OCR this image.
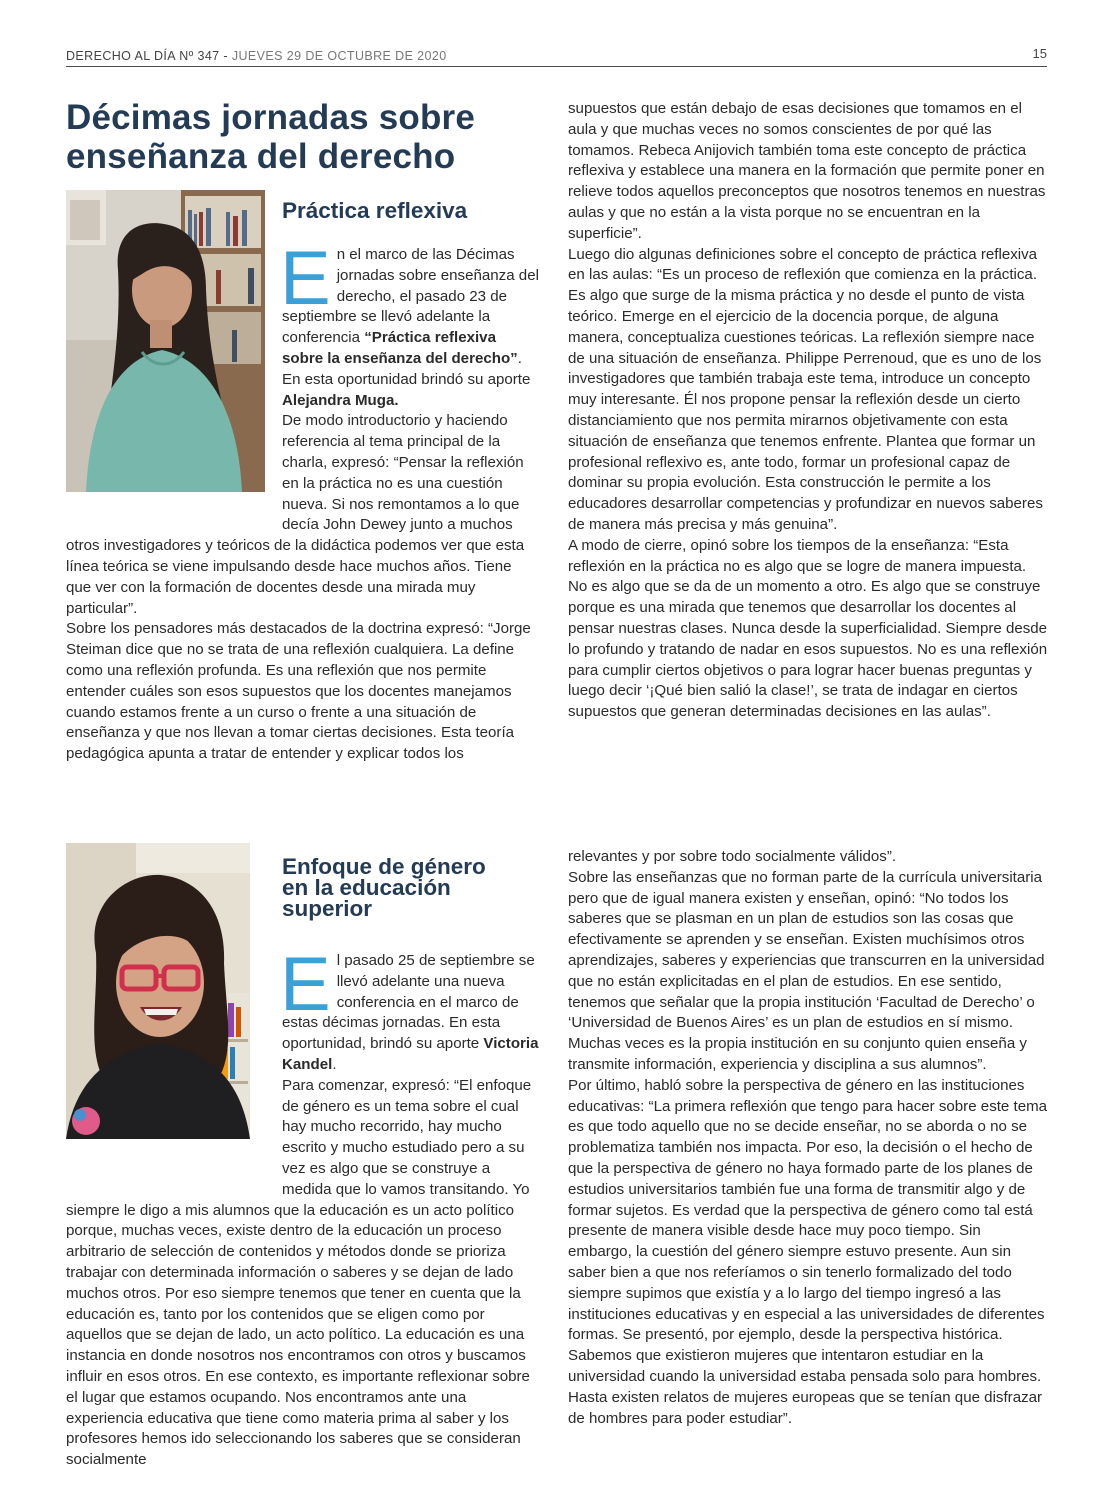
DERECHO AL DÍA Nº 347 - JUEVES 29 DE OCTUBRE DE 2020	15
Décimas jornadas sobre enseñanza del derecho
Práctica reflexiva
En el marco de las Décimas jornadas sobre enseñanza del derecho, el pasado 23 de septiembre se llevó adelante la conferencia “Práctica reflexiva sobre la enseñanza del derecho”. En esta oportunidad brindó su aporte Alejandra Muga.
De modo introductorio y haciendo referencia al tema principal de la charla, expresó: “Pensar la reflexión en la práctica no es una cuestión nueva. Si nos remontamos a lo que decía John Dewey junto a muchos otros investigadores y teóricos de la didáctica podemos ver que esta línea teórica se viene impulsando desde hace muchos años. Tiene que ver con la formación de docentes desde una mirada muy particular”.
Sobre los pensadores más destacados de la doctrina expresó: “Jorge Steiman dice que no se trata de una reflexión cualquiera. La define como una reflexión profunda. Es una reflexión que nos permite entender cuáles son esos supuestos que los docentes manejamos cuando estamos frente a un curso o frente a una situación de enseñanza y que nos llevan a tomar ciertas decisiones. Esta teoría pedagógica apunta a tratar de entender y explicar todos los
supuestos que están debajo de esas decisiones que tomamos en el aula y que muchas veces no somos conscientes de por qué las tomamos. Rebeca Anijovich también toma este concepto de práctica reflexiva y establece una manera en la formación que permite poner en relieve todos aquellos preconceptos que nosotros tenemos en nuestras aulas y que no están a la vista porque no se encuentran en la superficie”.
Luego dio algunas definiciones sobre el concepto de práctica reflexiva en las aulas: “Es un proceso de reflexión que comienza en la práctica. Es algo que surge de la misma práctica y no desde el punto de vista teórico. Emerge en el ejercicio de la docencia porque, de alguna manera, conceptualiza cuestiones teóricas. La reflexión siempre nace de una situación de enseñanza. Philippe Perrenoud, que es uno de los investigadores que también trabaja este tema, introduce un concepto muy interesante. Él nos propone pensar la reflexión desde un cierto distanciamiento que nos permita mirarnos objetivamente con esta situación de enseñanza que tenemos enfrente. Plantea que formar un profesional reflexivo es, ante todo, formar un profesional capaz de dominar su propia evolución. Esta construcción le permite a los educadores desarrollar competencias y profundizar en nuevos saberes de manera más precisa y más genuina”.
A modo de cierre, opinó sobre los tiempos de la enseñanza: “Esta reflexión en la práctica no es algo que se logre de manera impuesta. No es algo que se da de un momento a otro. Es algo que se construye porque es una mirada que tenemos que desarrollar los docentes al pensar nuestras clases. Nunca desde la superficialidad. Siempre desde lo profundo y tratando de nadar en esos supuestos. No es una reflexión para cumplir ciertos objetivos o para lograr hacer buenas preguntas y luego decir ‘¡Qué bien salió la clase!’, se trata de indagar en ciertos supuestos que generan determinadas decisiones en las aulas”.
Enfoque de género
en la educación
superior
El pasado 25 de septiembre se llevó adelante una nueva conferencia en el marco de estas décimas jornadas. En esta oportunidad, brindó su aporte Victoria Kandel.
Para comenzar, expresó: “El enfoque de género es un tema sobre el cual hay mucho recorrido, hay mucho escrito y mucho estudiado pero a su vez es algo que se construye a medida que lo vamos transitando. Yo siempre le digo a mis alumnos que la educación es un acto político porque, muchas veces, existe dentro de la educación un proceso arbitrario de selección de contenidos y métodos donde se prioriza trabajar con determinada información o saberes y se dejan de lado muchos otros. Por eso siempre tenemos que tener en cuenta que la educación es, tanto por los contenidos que se eligen como por aquellos que se dejan de lado, un acto político. La educación es una instancia en donde nosotros nos encontramos con otros y buscamos influir en esos otros. En ese contexto, es importante reflexionar sobre el lugar que estamos ocupando. Nos encontramos ante una experiencia educativa que tiene como materia prima al saber y los profesores hemos ido seleccionando los saberes que se consideran socialmente
relevantes y por sobre todo socialmente válidos”.
Sobre las enseñanzas que no forman parte de la currícula universitaria pero que de igual manera existen y enseñan, opinó: “No todos los saberes que se plasman en un plan de estudios son las cosas que efectivamente se aprenden y se enseñan. Existen muchísimos otros aprendizajes, saberes y experiencias que transcurren en la universidad que no están explicitadas en el plan de estudios. En ese sentido, tenemos que señalar que la propia institución ‘Facultad de Derecho’ o ‘Universidad de Buenos Aires’ es un plan de estudios en sí mismo. Muchas veces es la propia institución en su conjunto quien enseña y transmite información, experiencia y disciplina a sus alumnos”.
Por último, habló sobre la perspectiva de género en las instituciones educativas: “La primera reflexión que tengo para hacer sobre este tema es que todo aquello que no se decide enseñar, no se aborda o no se problematiza también nos impacta. Por eso, la decisión o el hecho de que la perspectiva de género no haya formado parte de los planes de estudios universitarios también fue una forma de transmitir algo y de formar sujetos. Es verdad que la perspectiva de género como tal está presente de manera visible desde hace muy poco tiempo. Sin embargo, la cuestión del género siempre estuvo presente. Aun sin saber bien a que nos referíamos o sin tenerlo formalizado del todo siempre supimos que existía y a lo largo del tiempo ingresó a las instituciones educativas y en especial a las universidades de diferentes formas. Se presentó, por ejemplo, desde la perspectiva histórica. Sabemos que existieron mujeres que intentaron estudiar en la universidad cuando la universidad estaba pensada solo para hombres. Hasta existen relatos de mujeres europeas que se tenían que disfrazar de hombres para poder estudiar”.
